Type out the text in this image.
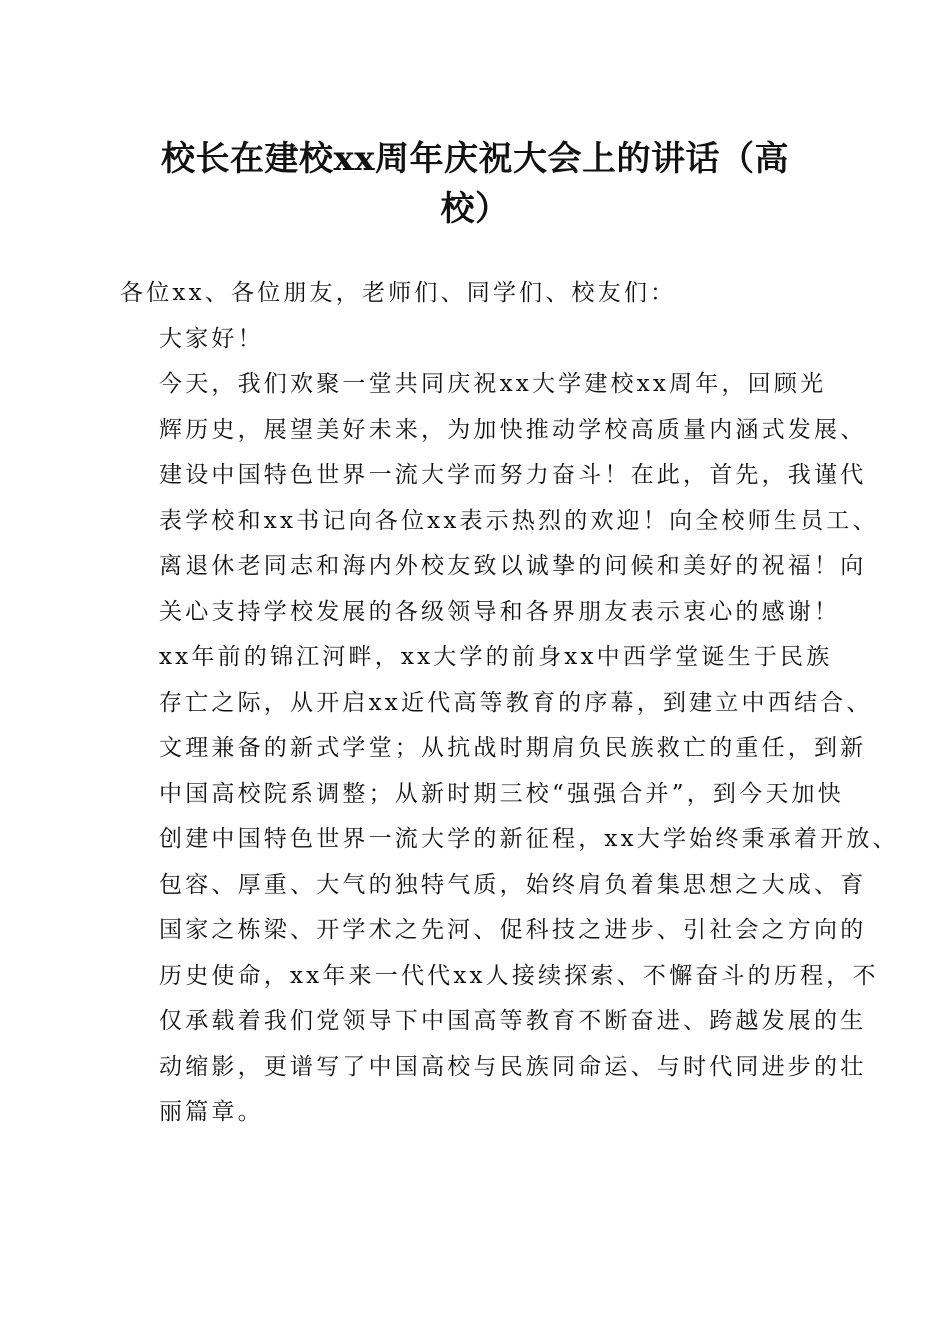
校长在建校xx周年庆祝大会上的讲话（高
校）

各位xx、各位朋友，老师们、同学们、校友们：

大家好！

今天，我们欢聚一堂共同庆祝xx大学建校xx周年，回顾光
辉历史，展望美好未来，为加快推动学校高质量内涵式发展、
建设中国特色世界一流大学而努力奋斗！在此，首先，我谨代
表学校和xx书记向各位xx表示热烈的欢迎！向全校师生员工、
离退休老同志和海内外校友致以诚挚的问候和美好的祝福！向
关心支持学校发展的各级领导和各界朋友表示衷心的感谢！

xx年前的锦江河畔，xx大学的前身xx中西学堂诞生于民族
存亡之际，从开启xx近代高等教育的序幕，到建立中西结合、
文理兼备的新式学堂；从抗战时期肩负民族救亡的重任，到新
中国高校院系调整；从新时期三校“强强合并”，到今天加快
创建中国特色世界一流大学的新征程，xx大学始终秉承着开放、
包容、厚重、大气的独特气质，始终肩负着集思想之大成、育
国家之栋梁、开学术之先河、促科技之进步、引社会之方向的
历史使命，xx年来一代代xx人接续探索、不懈奋斗的历程，不
仅承载着我们党领导下中国高等教育不断奋进、跨越发展的生
动缩影，更谱写了中国高校与民族同命运、与时代同进步的壮
丽篇章。
